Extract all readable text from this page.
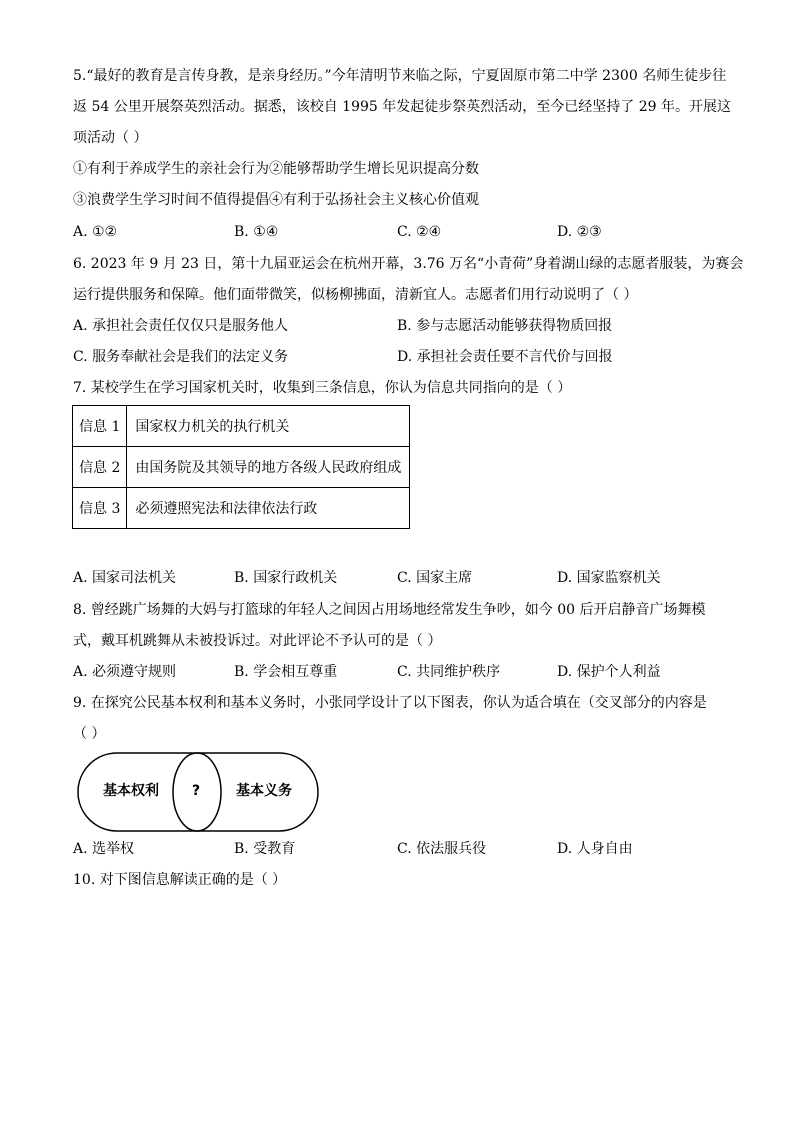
5.“最好的教育是言传身教，是亲身经历。”今年清明节来临之际，宁夏固原市第二中学 2300 名师生徒步往
返 54 公里开展祭英烈活动。据悉，该校自 1995 年发起徒步祭英烈活动，至今已经坚持了 29 年。开展这
项活动（ ）
①有利于养成学生的亲社会行为②能够帮助学生增长见识提高分数
③浪费学生学习时间不值得提倡④有利于弘扬社会主义核心价值观
A. ①②	B. ①④	C. ②④	D. ②③
6. 2023 年 9 月 23 日，第十九届亚运会在杭州开幕，3.76 万名“小青荷”身着湖山绿的志愿者服装，为赛会
运行提供服务和保障。他们面带微笑，似杨柳拂面，清新宜人。志愿者们用行动说明了（ ）
A. 承担社会责任仅仅只是服务他人	B. 参与志愿活动能够获得物质回报
C. 服务奉献社会是我们的法定义务	D. 承担社会责任要不言代价与回报
7. 某校学生在学习国家机关时，收集到三条信息，你认为信息共同指向的是（ ）
信息 1	国家权力机关的执行机关
信息 2	由国务院及其领导的地方各级人民政府组成
信息 3	必须遵照宪法和法律依法行政
A. 国家司法机关	B. 国家行政机关	C. 国家主席	D. 国家监察机关
8. 曾经跳广场舞的大妈与打篮球的年轻人之间因占用场地经常发生争吵，如今 00 后开启静音广场舞模
式，戴耳机跳舞从未被投诉过。对此评论不予认可的是（ ）
A. 必须遵守规则	B. 学会相互尊重	C. 共同维护秩序	D. 保护个人利益
9. 在探究公民基本权利和基本义务时，小张同学设计了以下图表，你认为适合填在（交叉部分的内容是
（ ）
基本权利 ?	基本义务
A. 选举权	B. 受教育	C. 依法服兵役	D. 人身自由
10. 对下图信息解读正确的是（ ）
